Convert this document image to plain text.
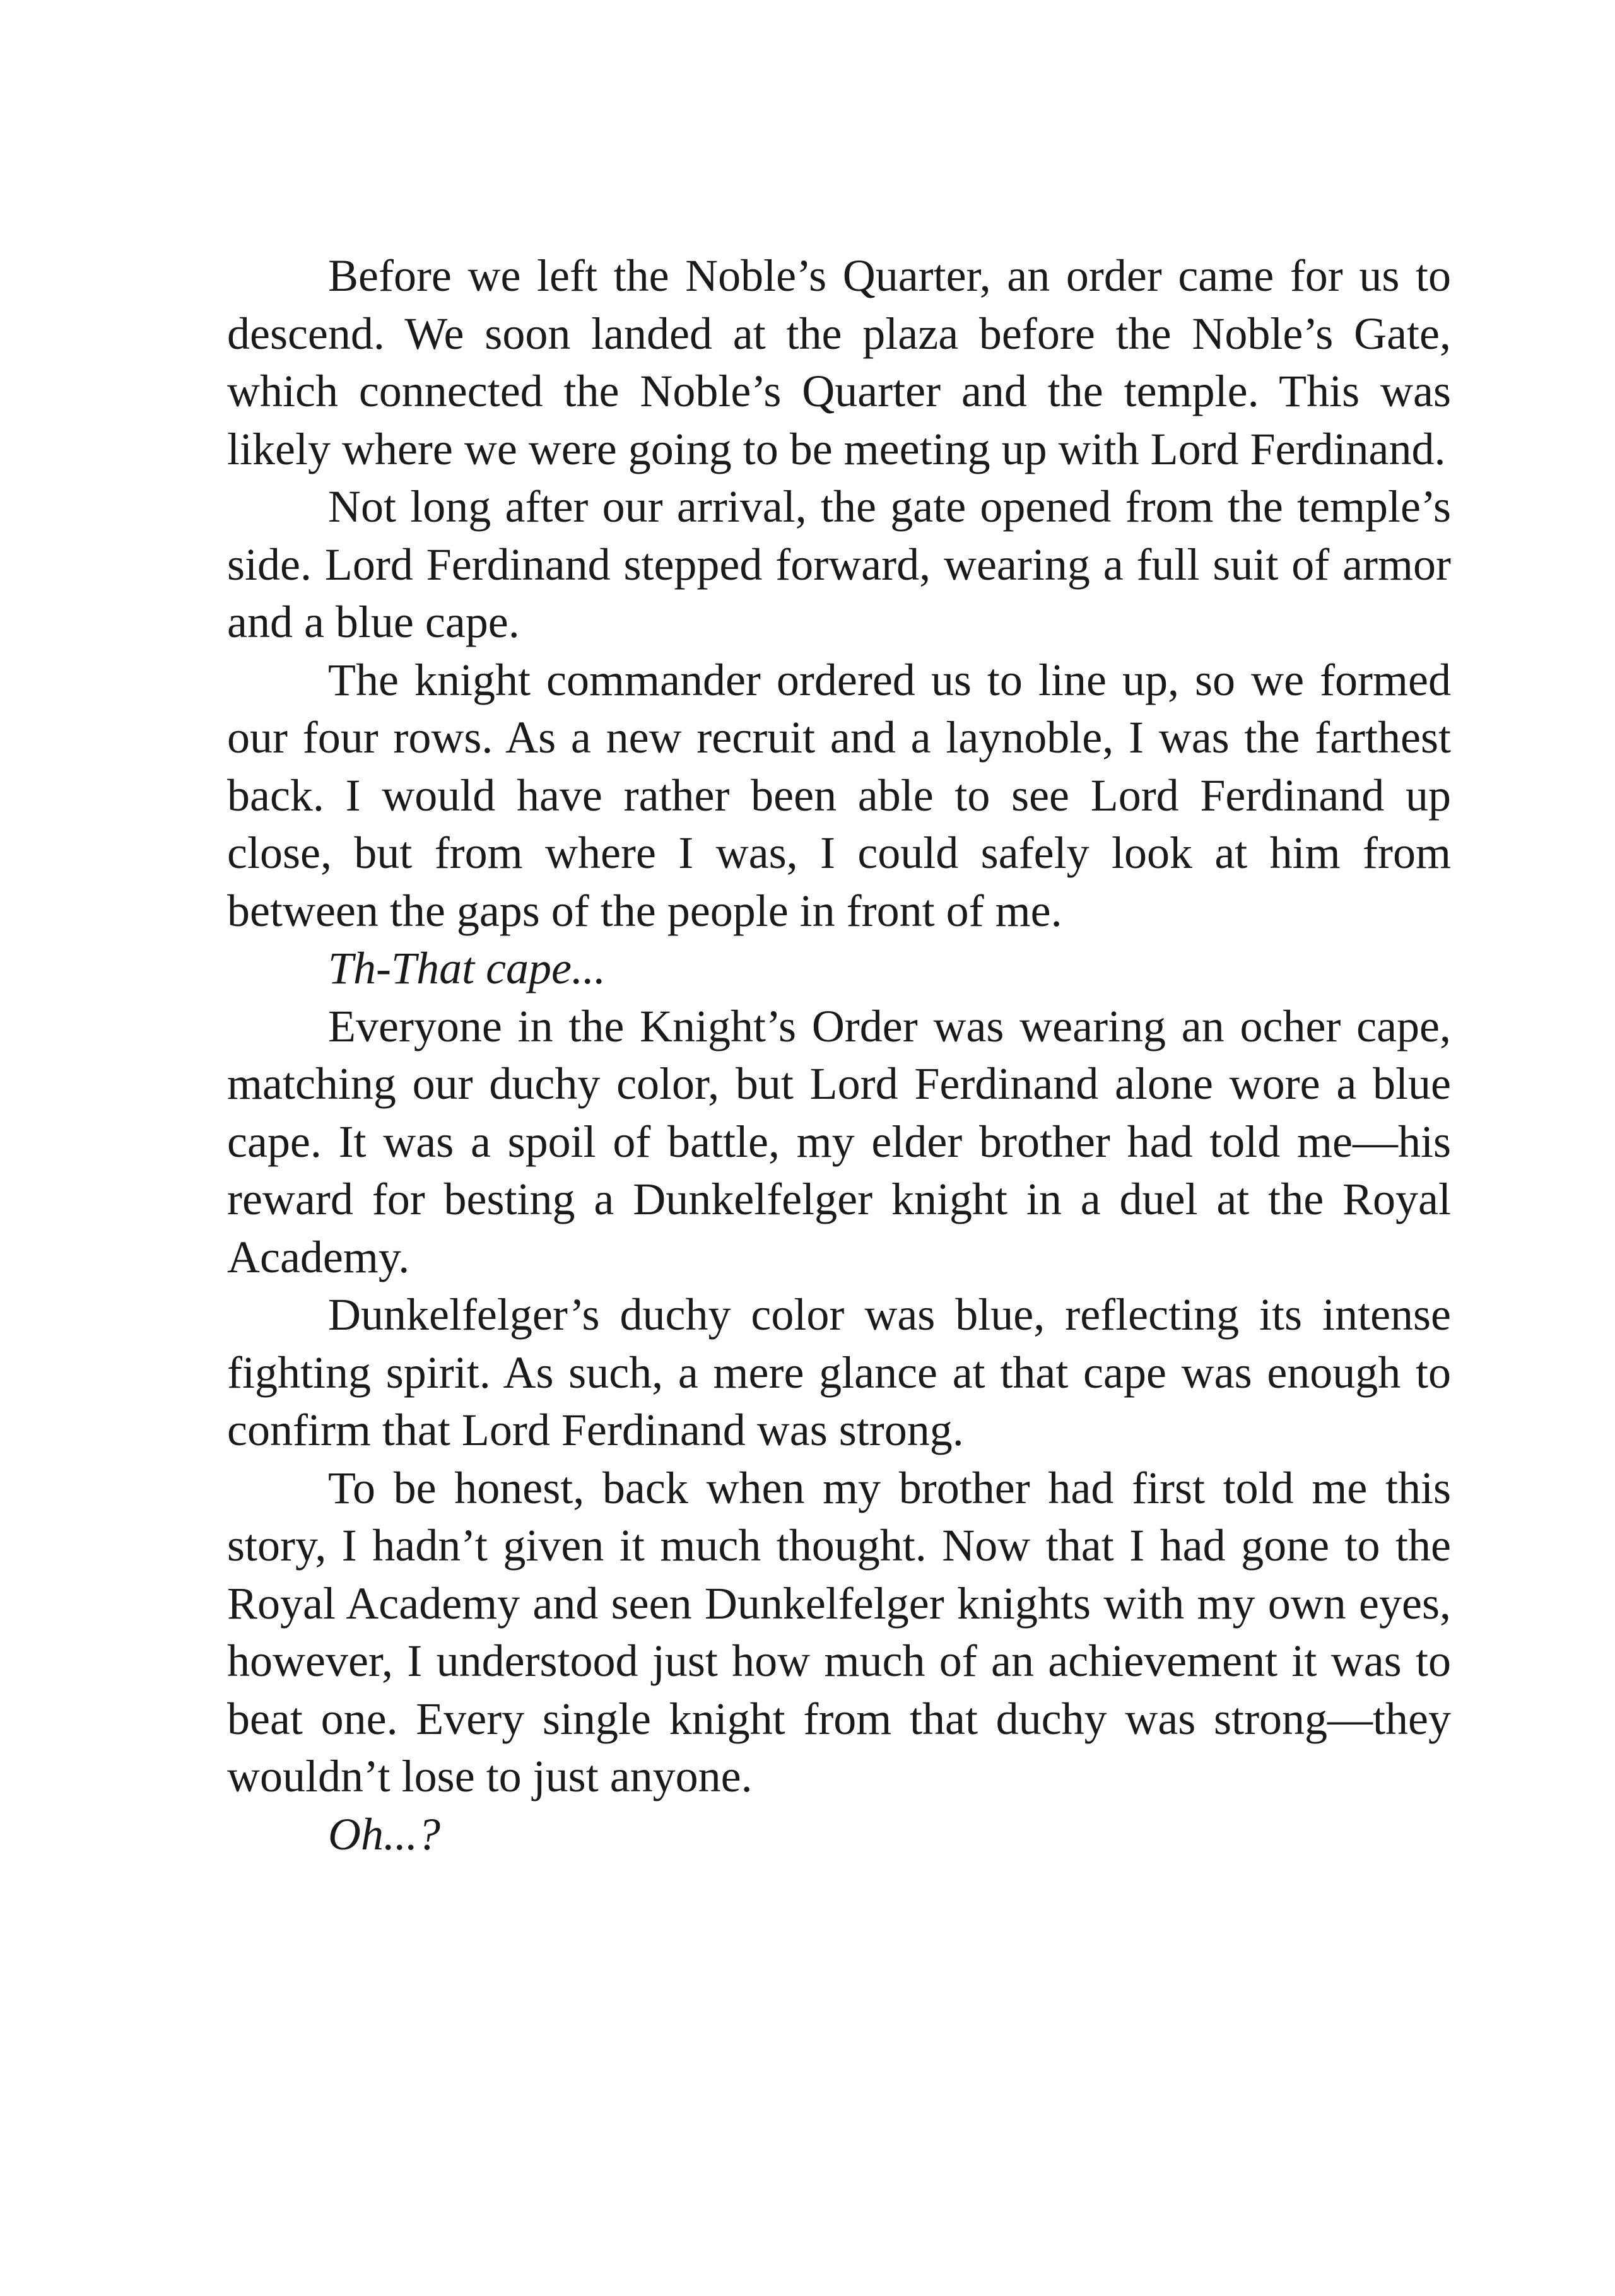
Before we left the Noble’s Quarter, an order came for us to descend. We soon landed at the plaza before the Noble’s Gate, which connected the Noble’s Quarter and the temple. This was likely where we were going to be meeting up with Lord Ferdinand.

Not long after our arrival, the gate opened from the temple’s side. Lord Ferdinand stepped forward, wearing a full suit of armor and a blue cape.

The knight commander ordered us to line up, so we formed our four rows. As a new recruit and a laynoble, I was the farthest back. I would have rather been able to see Lord Ferdinand up close, but from where I was, I could safely look at him from between the gaps of the people in front of me.

Th-That cape...

Everyone in the Knight’s Order was wearing an ocher cape, matching our duchy color, but Lord Ferdinand alone wore a blue cape. It was a spoil of battle, my elder brother had told me—his reward for besting a Dunkelfelger knight in a duel at the Royal Academy.

Dunkelfelger’s duchy color was blue, reflecting its intense fighting spirit. As such, a mere glance at that cape was enough to confirm that Lord Ferdinand was strong.

To be honest, back when my brother had first told me this story, I hadn’t given it much thought. Now that I had gone to the Royal Academy and seen Dunkelfelger knights with my own eyes, however, I understood just how much of an achievement it was to beat one. Every single knight from that duchy was strong—they wouldn’t lose to just anyone.

Oh...?
